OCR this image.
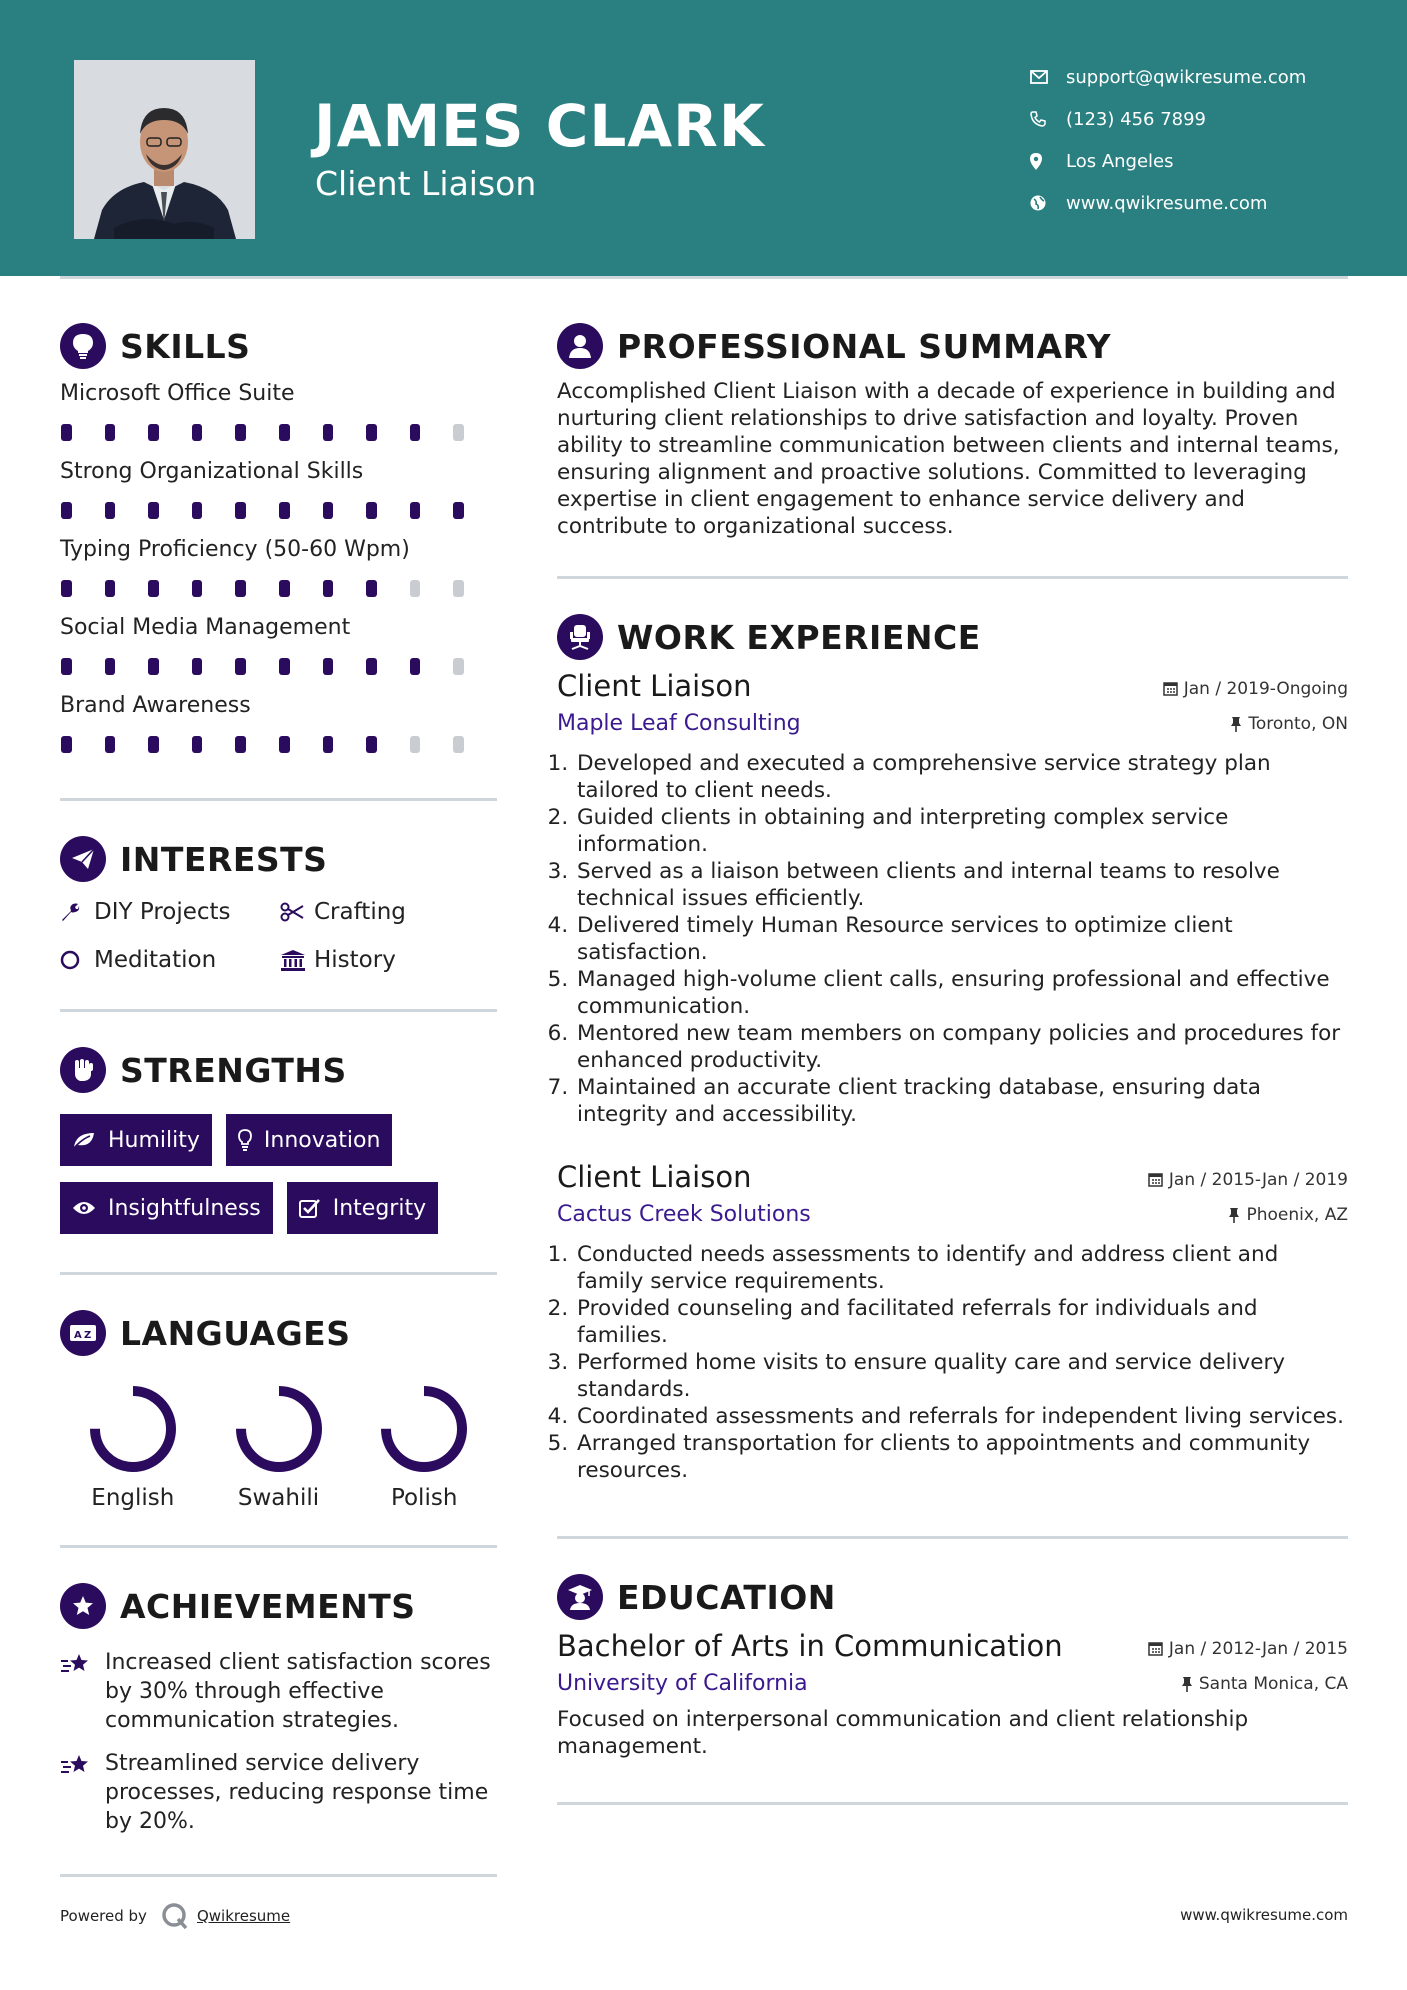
JAMES CLARK
Client Liaison
support@qwikresume.com
(123) 456 7899
Los Angeles
www.qwikresume.com
SKILLS
Microsoft Office Suite
Strong Organizational Skills
Typing Proficiency (50-60 Wpm)
Social Media Management
Brand Awareness
INTERESTS
DIY Projects	Crafting
Meditation	History
STRENGTHS
Humility	Innovation
Insightfulness	Integrity
A Z LANGUAGES
English	Swahili	Polish
ACHIEVEMENTS
Increased client satisfaction scores by 30% through effective communication strategies.
Streamlined service delivery processes, reducing response time by 20%.
PROFESSIONAL SUMMARY

Accomplished Client Liaison with a decade of experience in building and nurturing client relationships to drive satisfaction and loyalty. Proven ability to streamline communication between clients and internal teams, ensuring alignment and proactive solutions. Committed to leveraging expertise in client engagement to enhance service delivery and contribute to organizational success.

WORK EXPERIENCE
Client Liaison	Jan / 2019-Ongoing
Maple Leaf Consulting	Toronto, ON
1. Developed and executed a comprehensive service strategy plan tailored to client needs.
2. Guided clients in obtaining and interpreting complex service information.
3. Served as a liaison between clients and internal teams to resolve technical issues efficiently.
4. Delivered timely Human Resource services to optimize client satisfaction.
5. Managed high-volume client calls, ensuring professional and effective communication.
6. Mentored new team members on company policies and procedures for enhanced productivity.
7. Maintained an accurate client tracking database, ensuring data integrity and accessibility.
Client Liaison	Jan / 2015-Jan / 2019
Cactus Creek Solutions	Phoenix, AZ
1. Conducted needs assessments to identify and address client and family service requirements.
2. Provided counseling and facilitated referrals for individuals and families.
3. Performed home visits to ensure quality care and service delivery standards.
4. Coordinated assessments and referrals for independent living services.
5. Arranged transportation for clients to appointments and community resources.
EDUCATION
Bachelor of Arts in Communication	Jan / 2012-Jan / 2015
University of California	Santa Monica, CA

Focused on interpersonal communication and client relationship management.

Powered by	Qwikresume	www.qwikresume.com
